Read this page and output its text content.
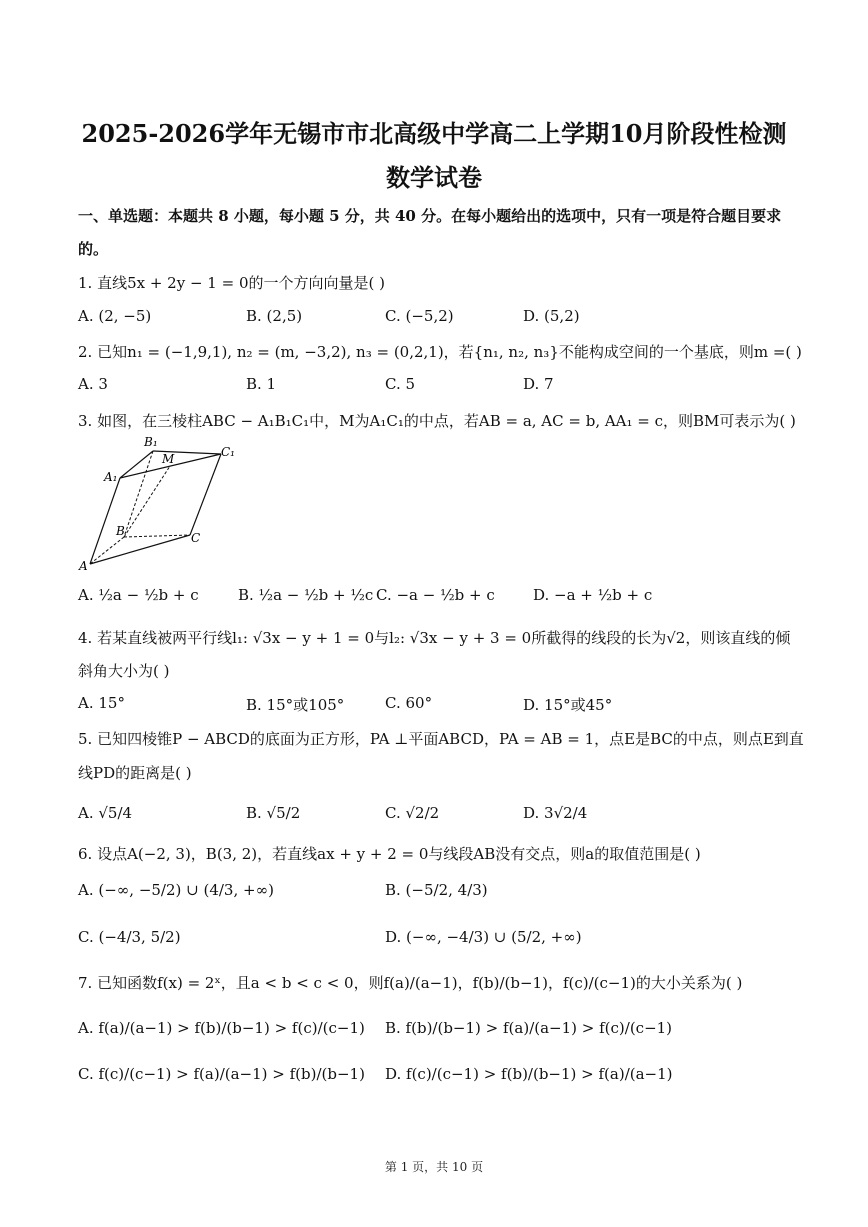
2025-2026学年无锡市市北高级中学高二上学期10月阶段性检测
数学试卷
一、单选题：本题共 8 小题，每小题 5 分，共 40 分。在每小题给出的选项中，只有一项是符合题目要求
的。
1. 直线5x + 2y − 1 = 0的一个方向向量是( )
A. (2, −5)	B. (2,5)	C. (−5,2)	D. (5,2)
2. 已知n₁ = (−1,9,1), n₂ = (m, −3,2), n₃ = (0,2,1)，若{n₁, n₂, n₃}不能构成空间的一个基底，则m =( )
A. 3	B. 1	C. 5	D. 7
3. 如图，在三棱柱ABC − A₁B₁C₁中，M为A₁C₁的中点，若AB = a, AC = b, AA₁ = c，则BM可表示为( )
B₁
M	C₁
A₁
B	C
A
A. ½a − ½b + c	B. ½a − ½b + ½c C. −a − ½b + c	D. −a + ½b + c
4. 若某直线被两平行线l₁: √3x − y + 1 = 0与l₂: √3x − y + 3 = 0所截得的线段的长为√2，则该直线的倾
斜角大小为( )
A. 15°	B. 15°或105°	C. 60°	D. 15°或45°
5. 已知四棱锥P − ABCD的底面为正方形，PA ⊥平面ABCD，PA = AB = 1，点E是BC的中点，则点E到直
线PD的距离是( )
A. √5/4	B. √5/2	C. √2/2	D. 3√2/4
6. 设点A(−2, 3)，B(3, 2)，若直线ax + y + 2 = 0与线段AB没有交点，则a的取值范围是( )
A. (−∞, −5/2) ∪ (4/3, +∞)	B. (−5/2, 4/3)
C. (−4/3, 5/2)	D. (−∞, −4/3) ∪ (5/2, +∞)
7. 已知函数f(x) = 2ˣ，且a < b < c < 0，则f(a)/(a−1)，f(b)/(b−1)，f(c)/(c−1)的大小关系为( )
A. f(a)/(a−1) > f(b)/(b−1) > f(c)/(c−1) B. f(b)/(b−1) > f(a)/(a−1) > f(c)/(c−1)
C. f(c)/(c−1) > f(a)/(a−1) > f(b)/(b−1) D. f(c)/(c−1) > f(b)/(b−1) > f(a)/(a−1)
第 1 页，共 10 页
